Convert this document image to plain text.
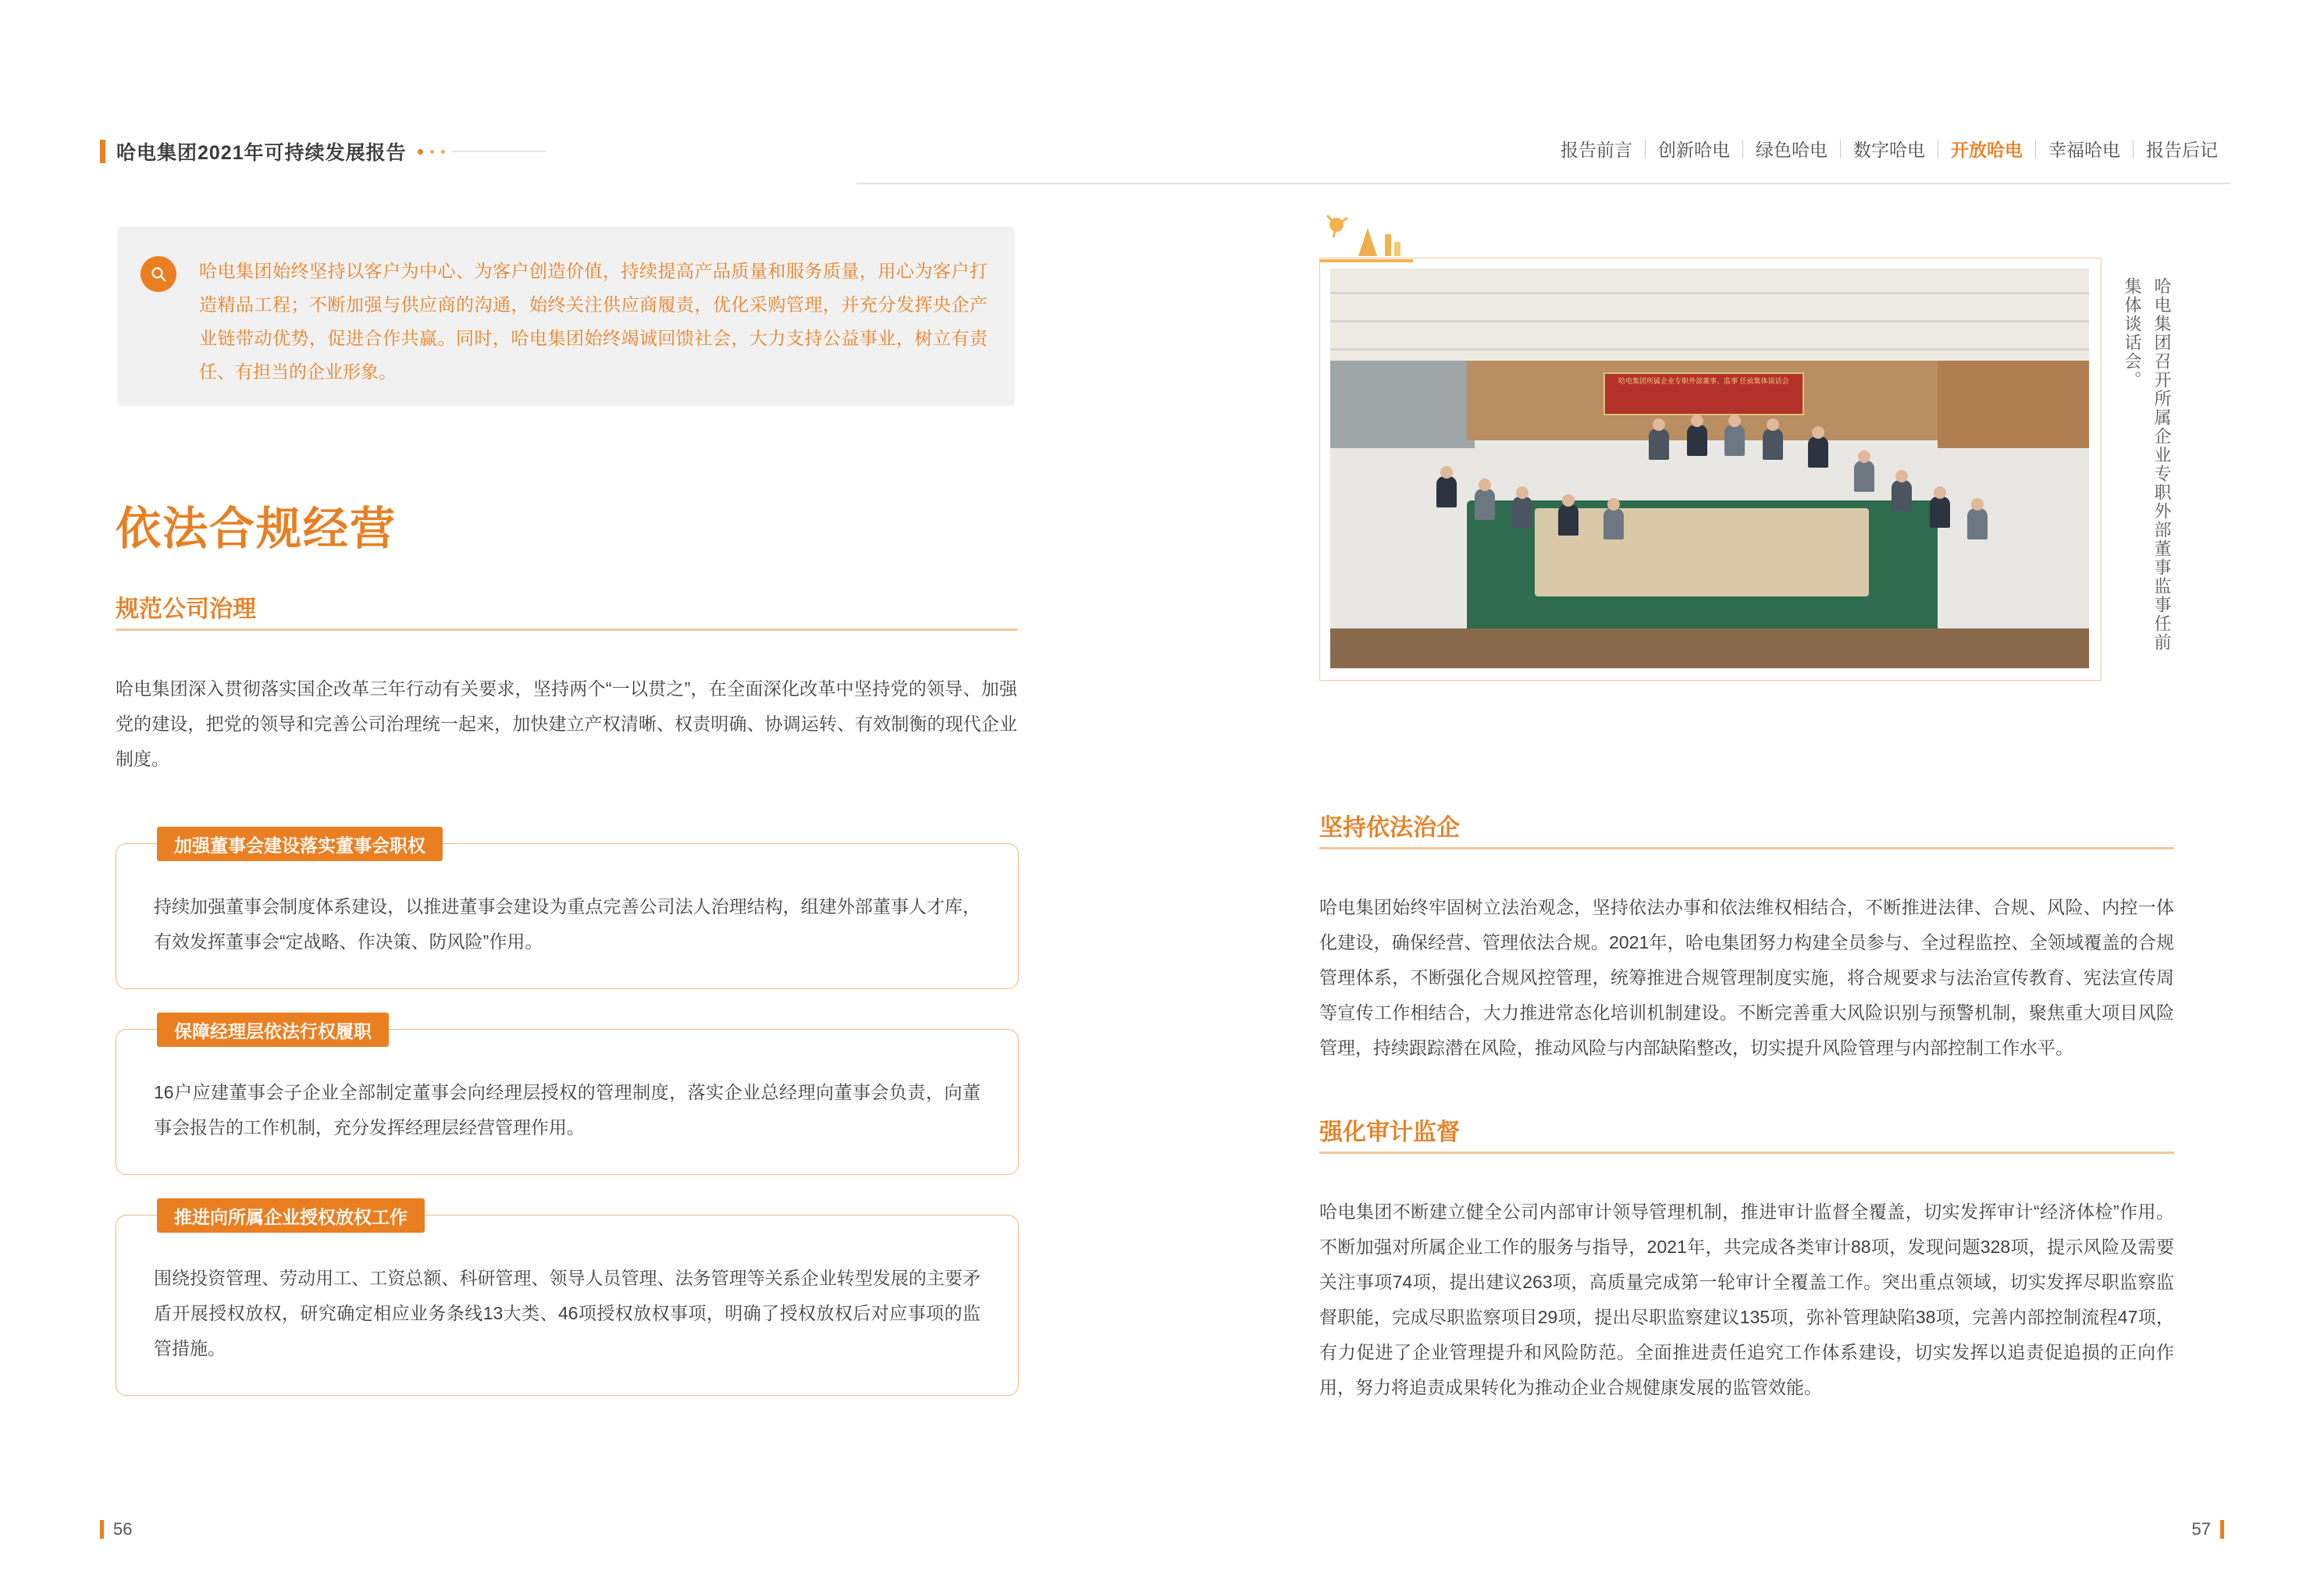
哈电集团2021年可持续发展报告	报告前言	创新哈电	绿色哈电	数字哈电	开放哈电	幸福哈电	报告后记
哈电集团始终坚持以客户为中心、为客户创造价值，持续提高产品质量和服务质量，用心为客户打造精品工程；不断加强与供应商的沟通，始终关注供应商履责，优化采购管理，并充分发挥央企产业链带动优势，促进合作共赢。同时，哈电集团始终竭诚回馈社会，大力支持公益事业，树立有责任、有担当的企业形象。
依法合规经营
规范公司治理
哈电集团深入贯彻落实国企改革三年行动有关要求，坚持两个“一以贯之”，在全面深化改革中坚持党的领导、加强党的建设，把党的领导和完善公司治理统一起来，加快建立产权清晰、权责明确、协调运转、有效制衡的现代企业制度。
加强董事会建设落实董事会职权
持续加强董事会制度体系建设，以推进董事会建设为重点完善公司法人治理结构，组建外部董事人才库，有效发挥董事会“定战略、作决策、防风险”作用。
保障经理层依法行权履职
16户应建董事会子企业全部制定董事会向经理层授权的管理制度，落实企业总经理向董事会负责，向董事会报告的工作机制，充分发挥经理层经营管理作用。
推进向所属企业授权放权工作
围绕投资管理、劳动用工、工资总额、科研管理、领导人员管理、法务管理等关系企业转型发展的主要矛盾开展授权放权，研究确定相应业务条线13大类、46项授权放权事项，明确了授权放权后对应事项的监管措施。
哈电集团所属企业专职外部董事、监事 任前集体谈话会	哈电集团召开所属企业专职外部董事监事任前集体谈话会。
坚持依法治企
哈电集团始终牢固树立法治观念，坚持依法办事和依法维权相结合，不断推进法律、合规、风险、内控一体化建设，确保经营、管理依法合规。2021年，哈电集团努力构建全员参与、全过程监控、全领域覆盖的合规管理体系，不断强化合规风控管理，统筹推进合规管理制度实施，将合规要求与法治宣传教育、宪法宣传周等宣传工作相结合，大力推进常态化培训机制建设。不断完善重大风险识别与预警机制，聚焦重大项目风险管理，持续跟踪潜在风险，推动风险与内部缺陷整改，切实提升风险管理与内部控制工作水平。
强化审计监督
哈电集团不断建立健全公司内部审计领导管理机制，推进审计监督全覆盖，切实发挥审计“经济体检”作用。不断加强对所属企业工作的服务与指导，2021年，共完成各类审计88项，发现问题328项，提示风险及需要关注事项74项，提出建议263项，高质量完成第一轮审计全覆盖工作。突出重点领域，切实发挥尽职监察监督职能，完成尽职监察项目29项，提出尽职监察建议135项，弥补管理缺陷38项，完善内部控制流程47项，有力促进了企业管理提升和风险防范。全面推进责任追究工作体系建设，切实发挥以追责促追损的正向作用，努力将追责成果转化为推动企业合规健康发展的监管效能。
56	57
